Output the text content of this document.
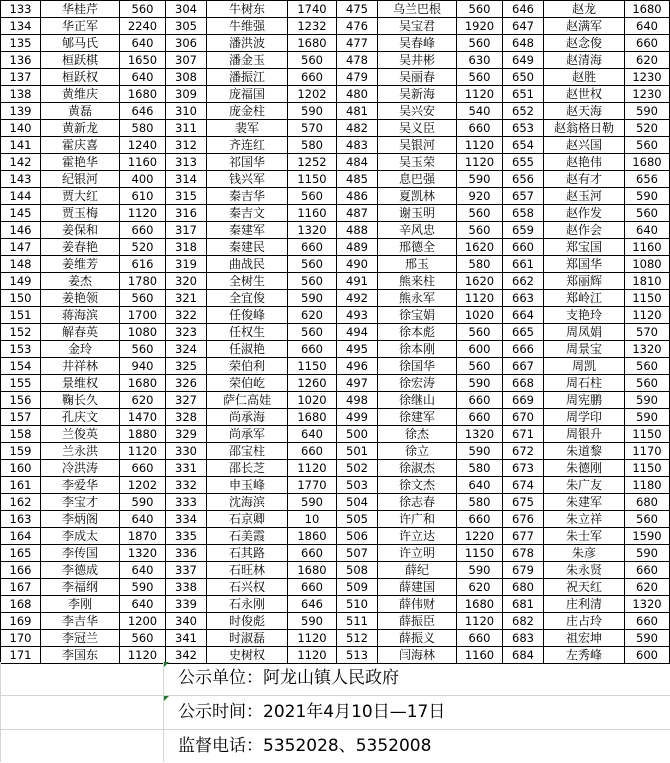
133	华桂芹	560	304	牛树东	1740	475	乌兰巴根	560	646	赵龙	1680
134	华正军	2240	305	牛维强	1232	476	吴宝君	1920	647	赵满军	640
135	郇马氏	640	306	潘洪波	1680	477	吴春峰	560	648	赵念俊	660
136	桓跃棋	1650	307	潘金玉	560	478	吴井彬	630	649	赵清海	620
137	桓跃权	640	308	潘振江	660	479	吴丽春	560	650	赵胜	1230
138	黄维庆	1680	309	庞福国	1202	480	吴新海	1120	651	赵世权	1230
139	黄磊	646	310	庞金柱	590	481	吴兴安	540	652	赵天海	590
140	黄新龙	580	311	裴军	570	482	吴义臣	660	653	赵翁格日勒	520
141	霍庆喜	1240	312	齐连红	580	483	吴银河	1120	654	赵兴国	560
142	霍艳华	1160	313	祁国华	1252	484	吴玉荣	1120	655	赵艳伟	1680
143	纪银河	400	314	钱兴军	1150	485	息巴强	590	656	赵有才	656
144	贾大红	610	315	秦吉华	560	486	夏凯林	920	657	赵玉河	590
145	贾玉梅	1120	316	秦吉文	1160	487	谢玉明	560	658	赵作发	560
146	姜保和	660	317	秦建军	1320	488	辛风忠	560	659	赵作会	640
147	姜春艳	520	318	秦建民	660	489	邢德全	1620	660	郑宝国	1160
148	姜维芳	616	319	曲战民	560	490	邢玉	580	661	郑国华	1080
149	姜杰	1780	320	全树生	560	491	熊来柱	1620	662	郑丽辉	1810
150	姜艳领	560	321	全宜俊	590	492	熊永军	1120	663	郑岭江	1150
151	蒋海滨	1700	322	任俊峰	620	493	徐宝娟	1020	664	支艳玲	1120
152	解春英	1080	323	任权生	560	494	徐本彪	560	665	周凤娟	570
153	金玲	560	324	任淑艳	660	495	徐本刚	600	666	周景宝	1320
154	井祥林	940	325	荣伯利	1150	496	徐国华	560	667	周凯	560
155	景维权	1680	326	荣伯屹	1260	497	徐宏涛	590	668	周石柱	560
156	鞠长久	620	327	萨仁高娃	1020	498	徐继山	660	669	周宪鹏	590
157	孔庆文	1470	328	尚承海	1680	499	徐建军	660	670	周学印	590
158	兰俊英	1880	329	尚承军	640	500	徐杰	1320	671	周银升	1150
159	兰永洪	1120	330	邵宝柱	660	501	徐立	590	672	朱道黎	1170
160	冷洪涛	660	331	邵长芝	1120	502	徐淑杰	580	673	朱德刚	1150
161	李爱华	1202	332	申玉峰	1770	503	徐文杰	640	674	朱广友	1180
162	李宝才	590	333	沈海滨	590	504	徐志春	580	675	朱建军	680
163	李炳阁	640	334	石京卿	10	505	许广和	660	676	朱立祥	560
164	李成太	1870	335	石美霞	1860	506	许立达	1220	677	朱士军	1590
165	李传国	1320	336	石其路	660	507	许立明	1150	678	朱彦	590
166	李德成	640	337	石旺林	1680	508	薛纪	590	679	朱永贤	660
167	李福纲	590	338	石兴权	660	509	薛建国	620	680	祝天红	620
168	李刚	640	339	石永刚	646	510	薛伟财	1680	681	庄利清	1320
169	李吉华	1200	340	时俊彪	590	511	薛振臣	1120	682	庄占玲	660
170	李冠兰	560	341	时淑磊	1120	512	薛振义	660	683	祖宏坤	590
171	李国东	1120	342	史树权	1120	513	闫海林	1160	684	左秀峰	600
公示单位：阿龙山镇人民政府
公示时间：2021年4月10日—17日
监督电话：5352028、5352008
